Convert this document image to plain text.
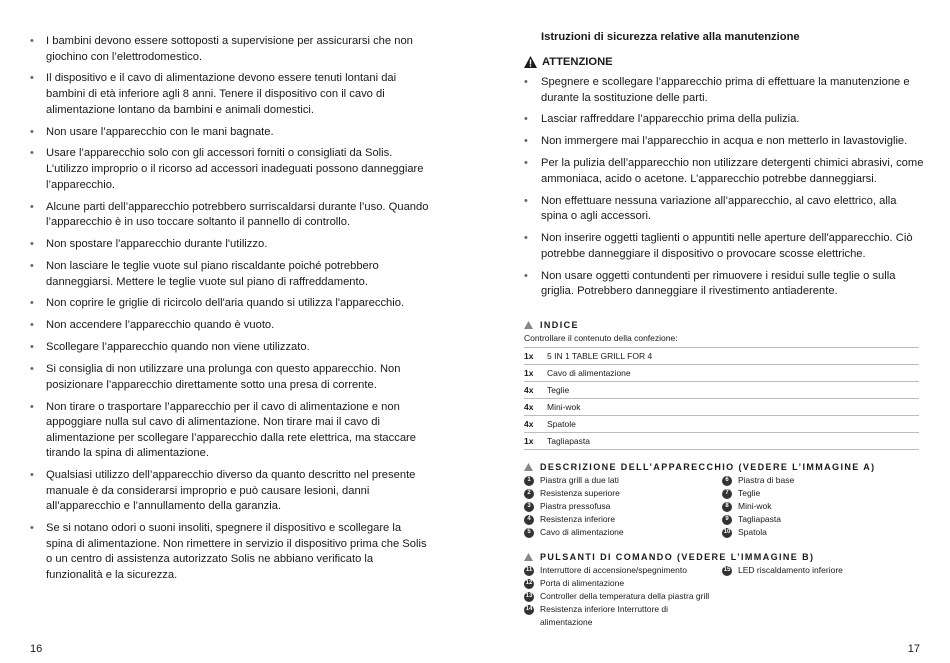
• I bambini devono essere sottoposti a supervisione per assicurarsi che non giochino con l’elettrodomestico.
• Il dispositivo e il cavo di alimentazione devono essere tenuti lontani dai bambini di età inferiore agli 8 anni. Tenere il dispositivo con il cavo di alimentazione lontano da bambini e animali domestici.
• Non usare l’apparecchio con le mani bagnate.
• Usare l’apparecchio solo con gli accessori forniti o consigliati da Solis. L’utilizzo improprio o il ricorso ad accessori inadeguati possono danneggiare l’apparecchio.
• Alcune parti dell’apparecchio potrebbero surriscaldarsi durante l’uso. Quando l’apparecchio è in uso toccare soltanto il pannello di controllo.
• Non spostare l'apparecchio durante l'utilizzo.
• Non lasciare le teglie vuote sul piano riscaldante poiché potrebbero danneggiarsi. Mettere le teglie vuote sul piano di raffreddamento.
• Non coprire le griglie di ricircolo dell'aria quando si utilizza l'apparecchio.
• Non accendere l’apparecchio quando è vuoto.
• Scollegare l’apparecchio quando non viene utilizzato.
• Si consiglia di non utilizzare una prolunga con questo apparecchio. Non posizionare l’apparecchio direttamente sotto una presa di corrente.
• Non tirare o trasportare l’apparecchio per il cavo di alimentazione e non appoggiare nulla sul cavo di alimentazione. Non tirare mai il cavo di alimentazione per scollegare l’apparecchio dalla rete elettrica, ma staccare tirando la spina di alimentazione.
• Qualsiasi utilizzo dell’apparecchio diverso da quanto descritto nel presente manuale è da considerarsi improprio e può causare lesioni, danni all’apparecchio e l’annullamento della garanzia.
• Se si notano odori o suoni insoliti, spegnere il dispositivo e scollegare la spina di alimentazione. Non rimettere in servizio il dispositivo prima che Solis o un centro di assistenza autorizzato Solis ne abbiano verificato la funzionalità e la sicurezza.
16
Istruzioni di sicurezza relative alla manutenzione
ATTENZIONE
• Spegnere e scollegare l’apparecchio prima di effettuare la manutenzione e durante la sostituzione delle parti.
• Lasciar raffreddare l’apparecchio prima della pulizia.
• Non immergere mai l’apparecchio in acqua e non metterlo in lavastoviglie.
• Per la pulizia dell’apparecchio non utilizzare detergenti chimici abrasivi, come ammoniaca, acido o acetone. L’apparecchio potrebbe danneggiarsi.
• Non effettuare nessuna variazione all’apparecchio, al cavo elettrico, alla spina o agli accessori.
• Non inserire oggetti taglienti o appuntiti nelle aperture dell'apparecchio. Ciò potrebbe danneggiare il dispositivo o provocare scosse elettriche.
• Non usare oggetti contundenti per rimuovere i residui sulle teglie o sulla griglia. Potrebbero danneggiare il rivestimento antiaderente.
INDICE
Controllare il contenuto della confezione:
1x	5 IN 1 TABLE GRILL FOR 4
1x	Cavo di alimentazione
4x	Teglie
4x	Mini-wok
4x	Spatole
1x	Tagliapasta
DESCRIZIONE DELL’APPARECCHIO (VEDERE L’IMMAGINE A)
1	Piastra grill a due lati
2	Resistenza superiore
3	Piastra pressofusa
4	Resistenza inferiore
5	Cavo di alimentazione
6	Piastra di base
7	Teglie
8	Mini-wok
9	Tagliapasta
10 Spatola
PULSANTI DI COMANDO (VEDERE L’IMMAGINE B)
11 Interruttore di accensione/spegnimento
12 Porta di alimentazione
13 Controller della temperatura della piastra grill
14 Resistenza inferiore Interruttore di alimentazione
15 LED riscaldamento inferiore
17
